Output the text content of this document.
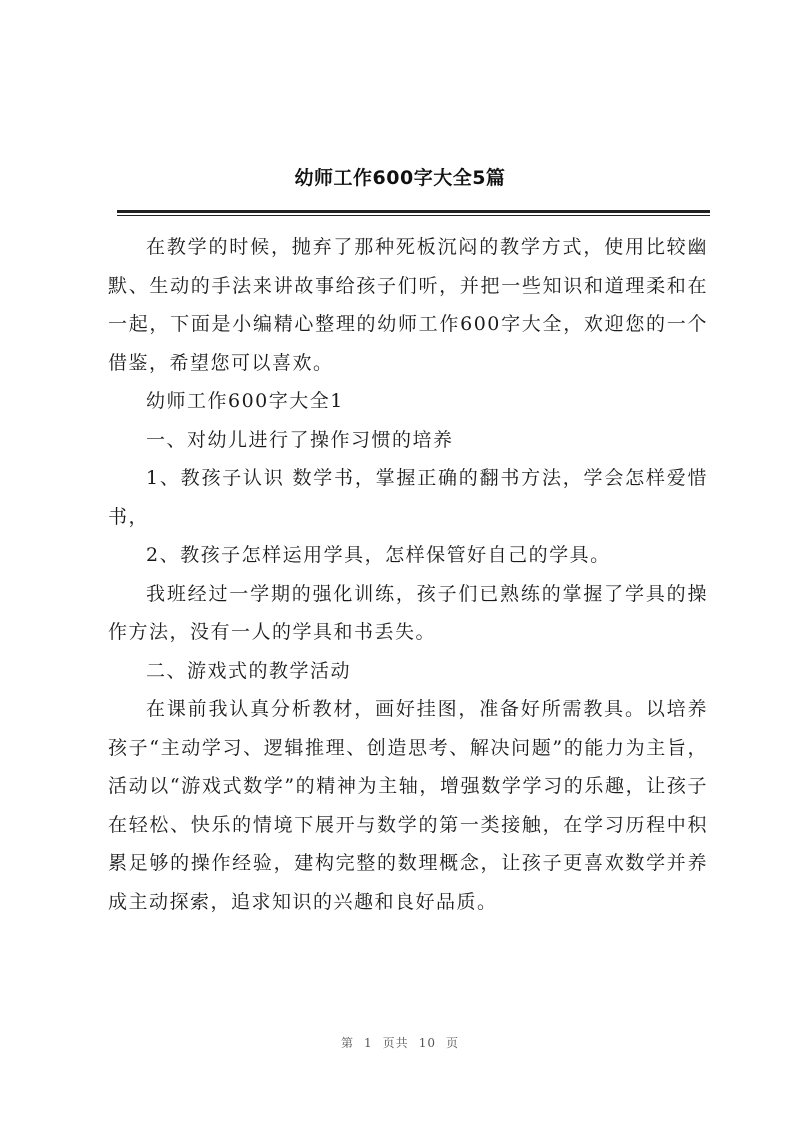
幼师工作600字大全5篇

在教学的时候，抛弃了那种死板沉闷的教学方式，使用比较幽默、生动的手法来讲故事给孩子们听，并把一些知识和道理柔和在一起，下面是小编精心整理的幼师工作600字大全，欢迎您的一个借鉴，希望您可以喜欢。

幼师工作600字大全1

一、对幼儿进行了操作习惯的培养

1、教孩子认识 数学书，掌握正确的翻书方法，学会怎样爱惜书，

2、教孩子怎样运用学具，怎样保管好自己的学具。

我班经过一学期的强化训练，孩子们已熟练的掌握了学具的操作方法，没有一人的学具和书丢失。

二、游戏式的教学活动

在课前我认真分析教材，画好挂图，准备好所需教具。以培养孩子“主动学习、逻辑推理、创造思考、解决问题”的能力为主旨，活动以“游戏式数学”的精神为主轴，增强数学学习的乐趣，让孩子在轻松、快乐的情境下展开与数学的第一类接触，在学习历程中积累足够的操作经验，建构完整的数理概念，让孩子更喜欢数学并养成主动探索，追求知识的兴趣和良好品质。

第 1 页共 10 页
